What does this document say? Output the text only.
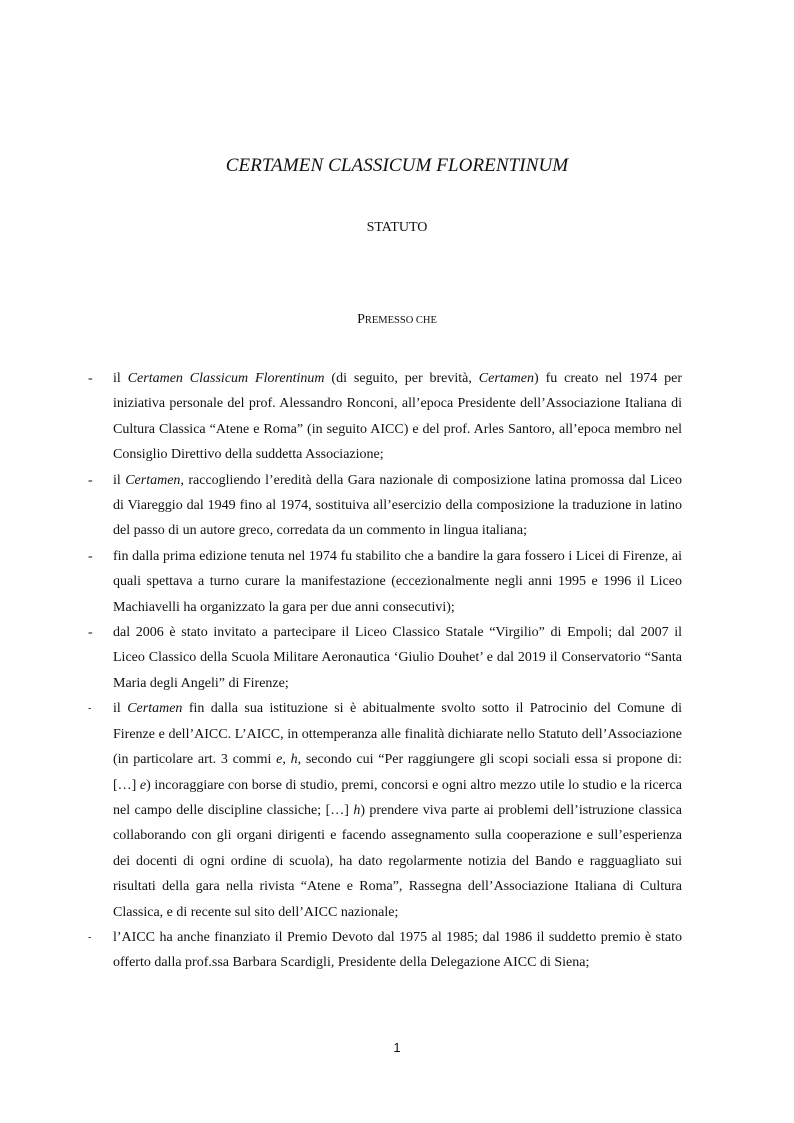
CERTAMEN CLASSICUM FLORENTINUM
STATUTO
PREMESSO CHE
- il Certamen Classicum Florentinum (di seguito, per brevità, Certamen) fu creato nel 1974 per iniziativa personale del prof. Alessandro Ronconi, all’epoca Presidente dell’Associazione Italiana di Cultura Classica “Atene e Roma” (in seguito AICC) e del prof. Arles Santoro, all’epoca membro nel Consiglio Direttivo della suddetta Associazione;
- il Certamen, raccogliendo l’eredità della Gara nazionale di composizione latina promossa dal Liceo di Viareggio dal 1949 fino al 1974, sostituiva all’esercizio della composizione la traduzione in latino del passo di un autore greco, corredata da un commento in lingua italiana;
- fin dalla prima edizione tenuta nel 1974 fu stabilito che a bandire la gara fossero i Licei di Firenze, ai quali spettava a turno curare la manifestazione (eccezionalmente negli anni 1995 e 1996 il Liceo Machiavelli ha organizzato la gara per due anni consecutivi);
- dal 2006 è stato invitato a partecipare il Liceo Classico Statale “Virgilio” di Empoli; dal 2007 il Liceo Classico della Scuola Militare Aeronautica ‘Giulio Douhet’ e dal 2019 il Conservatorio “Santa Maria degli Angeli” di Firenze;
- il Certamen fin dalla sua istituzione si è abitualmente svolto sotto il Patrocinio del Comune di Firenze e dell’AICC. L’AICC, in ottemperanza alle finalità dichiarate nello Statuto dell’Associazione (in particolare art. 3 commi e, h, secondo cui “Per raggiungere gli scopi sociali essa si propone di: […] e) incoraggiare con borse di studio, premi, concorsi e ogni altro mezzo utile lo studio e la ricerca nel campo delle discipline classiche; […] h) prendere viva parte ai problemi dell’istruzione classica collaborando con gli organi dirigenti e facendo assegnamento sulla cooperazione e sull’esperienza dei docenti di ogni ordine di scuola), ha dato regolarmente notizia del Bando e ragguagliato sui risultati della gara nella rivista “Atene e Roma”, Rassegna dell’Associazione Italiana di Cultura Classica, e di recente sul sito dell’AICC nazionale;
- l’AICC ha anche finanziato il Premio Devoto dal 1975 al 1985; dal 1986 il suddetto premio è stato offerto dalla prof.ssa Barbara Scardigli, Presidente della Delegazione AICC di Siena;
1
